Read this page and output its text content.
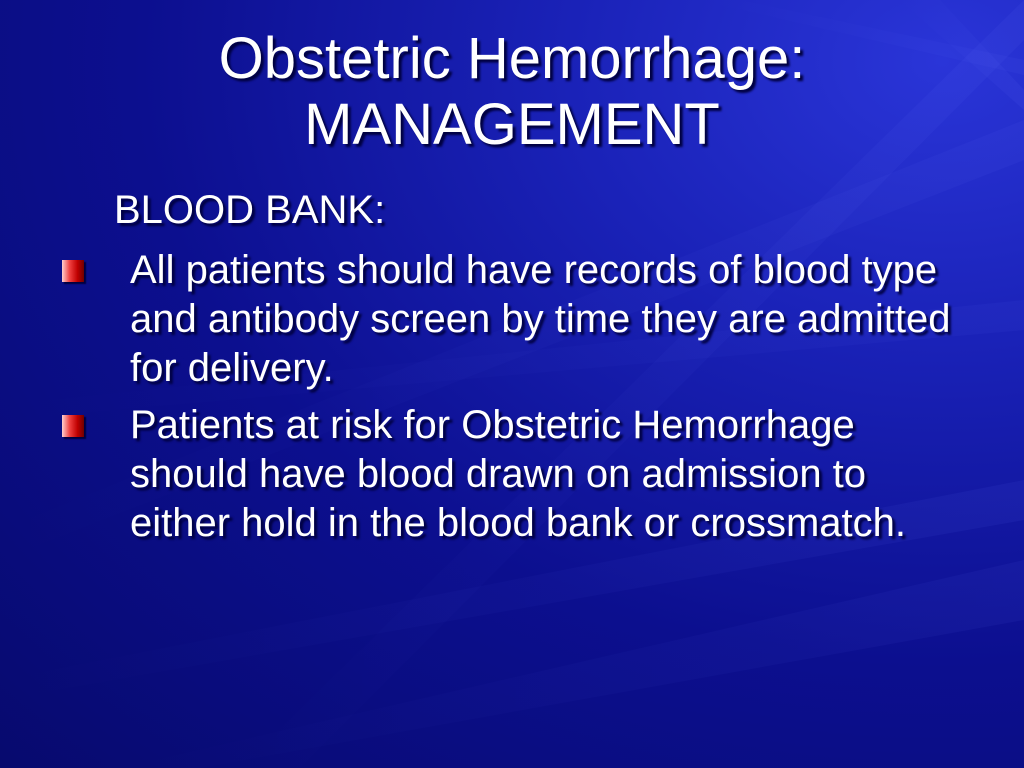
Obstetric Hemorrhage:
MANAGEMENT
BLOOD BANK:
All patients should have records of blood type and antibody screen by time they are admitted for delivery.
Patients at risk for Obstetric Hemorrhage should have blood drawn on admission to either hold in the blood bank or crossmatch.
